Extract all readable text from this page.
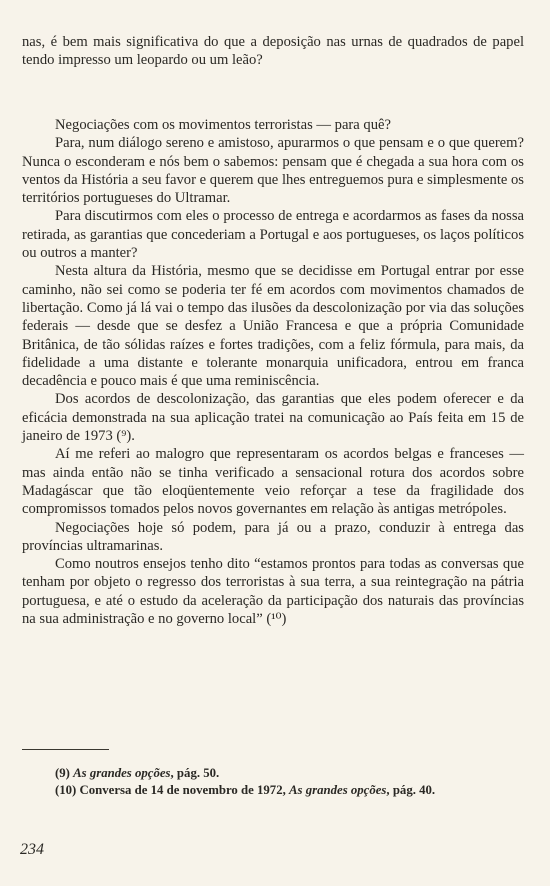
nas, é bem mais significativa do que a deposição nas urnas de quadrados de papel tendo impresso um leopardo ou um leão?

Negociações com os movimentos terroristas — para quê?

Para, num diálogo sereno e amistoso, apurarmos o que pensam e o que querem? Nunca o esconderam e nós bem o sabemos: pensam que é chegada a sua hora com os ventos da História a seu favor e querem que lhes entreguemos pura e simplesmente os territórios portugueses do Ultramar.

Para discutirmos com eles o processo de entrega e acordarmos as fases da nossa retirada, as garantias que concederiam a Portugal e aos portugueses, os laços políticos ou outros a manter?

Nesta altura da História, mesmo que se decidisse em Portugal entrar por esse caminho, não sei como se poderia ter fé em acordos com movimentos chamados de libertação. Como já lá vai o tempo das ilusões da descolonização por via das soluções federais — desde que se desfez a União Francesa e que a própria Comunidade Britânica, de tão sólidas raízes e fortes tradições, com a feliz fórmula, para mais, da fidelidade a uma distante e tolerante monarquia unificadora, entrou em franca decadência e pouco mais é que uma reminiscência.

Dos acordos de descolonização, das garantias que eles podem oferecer e da eficácia demonstrada na sua aplicação tratei na comunicação ao País feita em 15 de janeiro de 1973 (⁹).

Aí me referi ao malogro que representaram os acordos belgas e franceses — mas ainda então não se tinha verificado a sensacional rotura dos acordos sobre Madagáscar que tão eloqüentemente veio reforçar a tese da fragilidade dos compromissos tomados pelos novos governantes em relação às antigas metrópoles.

Negociações hoje só podem, para já ou a prazo, conduzir à entrega das províncias ultramarinas.

Como noutros ensejos tenho dito “estamos prontos para todas as conversas que tenham por objeto o regresso dos terroristas à sua terra, a sua reintegração na pátria portuguesa, e até o estudo da aceleração da participação dos naturais das províncias na sua administração e no governo local” (¹⁰)

(9) As grandes opções, pág. 50.

(10) Conversa de 14 de novembro de 1972, As grandes opções, pág. 40.

234
